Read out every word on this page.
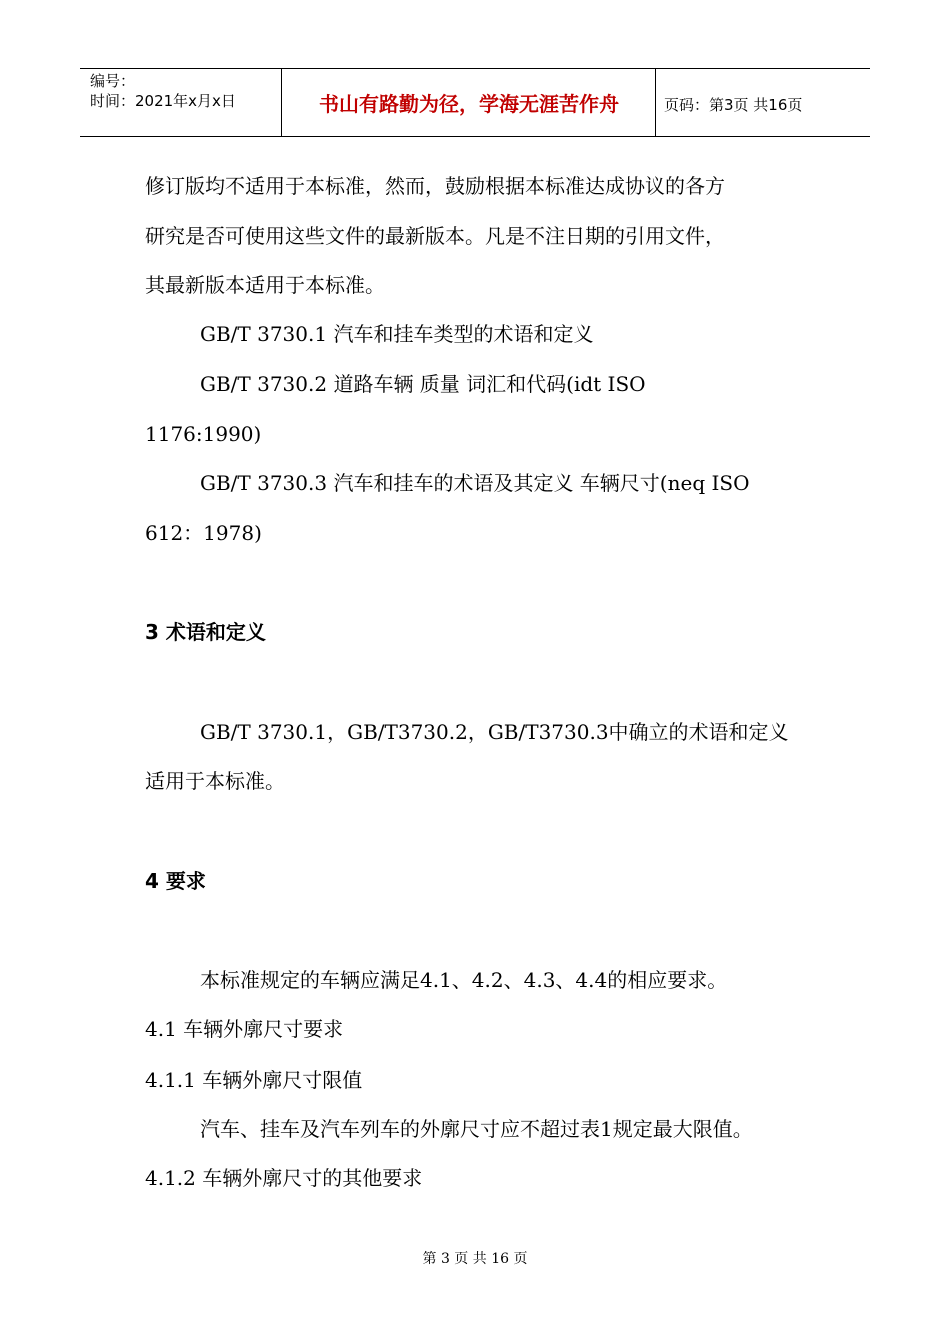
编号：
时间：2021年x月x日	书山有路勤为径，学海无涯苦作舟	页码：第3页 共16页
修订版均不适用于本标准，然而，鼓励根据本标准达成协议的各方
研究是否可使用这些文件的最新版本。凡是不注日期的引用文件，
其最新版本适用于本标准。
GB/T 3730.1 汽车和挂车类型的术语和定义
GB/T 3730.2 道路车辆 质量 词汇和代码(idt ISO
1176:1990)
GB/T 3730.3 汽车和挂车的术语及其定义 车辆尺寸(neq ISO
612：1978)
3 术语和定义
GB/T 3730.1，GB/T3730.2，GB/T3730.3中确立的术语和定义
适用于本标准。
4 要求
本标准规定的车辆应满足4.1、4.2、4.3、4.4的相应要求。
4.1 车辆外廓尺寸要求
4.1.1 车辆外廓尺寸限值
汽车、挂车及汽车列车的外廓尺寸应不超过表1规定最大限值。
4.1.2 车辆外廓尺寸的其他要求
第 3 页 共 16 页
